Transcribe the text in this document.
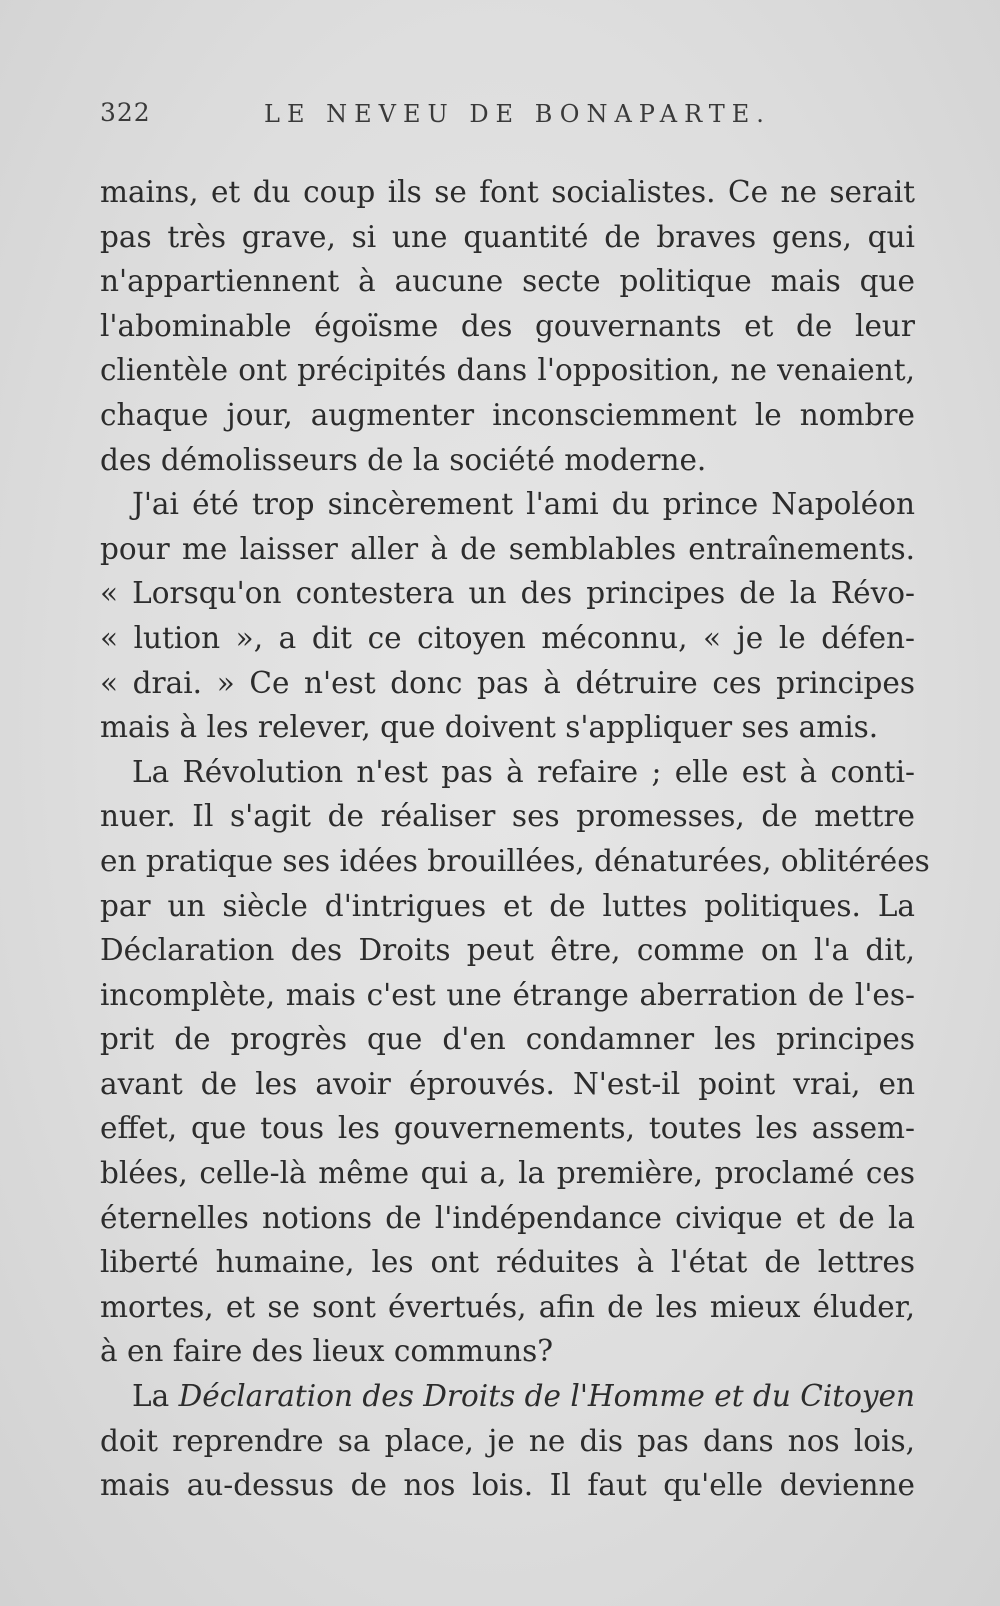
322	LE NEVEU DE BONAPARTE.
mains, et du coup ils se font socialistes. Ce ne serait
pas très grave, si une quantité de braves gens, qui
n'appartiennent à aucune secte politique mais que
l'abominable égoïsme des gouvernants et de leur
clientèle ont précipités dans l'opposition, ne venaient,
chaque jour, augmenter inconsciemment le nombre
des démolisseurs de la société moderne.
J'ai été trop sincèrement l'ami du prince Napoléon
pour me laisser aller à de semblables entraînements.
« Lorsqu'on contestera un des principes de la Révo-
« lution », a dit ce citoyen méconnu, « je le défen-
« drai. » Ce n'est donc pas à détruire ces principes
mais à les relever, que doivent s'appliquer ses amis.
La Révolution n'est pas à refaire ; elle est à conti-
nuer. Il s'agit de réaliser ses promesses, de mettre
en pratique ses idées brouillées, dénaturées, oblitérées
par un siècle d'intrigues et de luttes politiques. La
Déclaration des Droits peut être, comme on l'a dit,
incomplète, mais c'est une étrange aberration de l'es-
prit de progrès que d'en condamner les principes
avant de les avoir éprouvés. N'est-il point vrai, en
effet, que tous les gouvernements, toutes les assem-
blées, celle-là même qui a, la première, proclamé ces
éternelles notions de l'indépendance civique et de la
liberté humaine, les ont réduites à l'état de lettres
mortes, et se sont évertués, afin de les mieux éluder,
à en faire des lieux communs?
La Déclaration des Droits de l'Homme et du Citoyen
doit reprendre sa place, je ne dis pas dans nos lois,
mais au-dessus de nos lois. Il faut qu'elle devienne
